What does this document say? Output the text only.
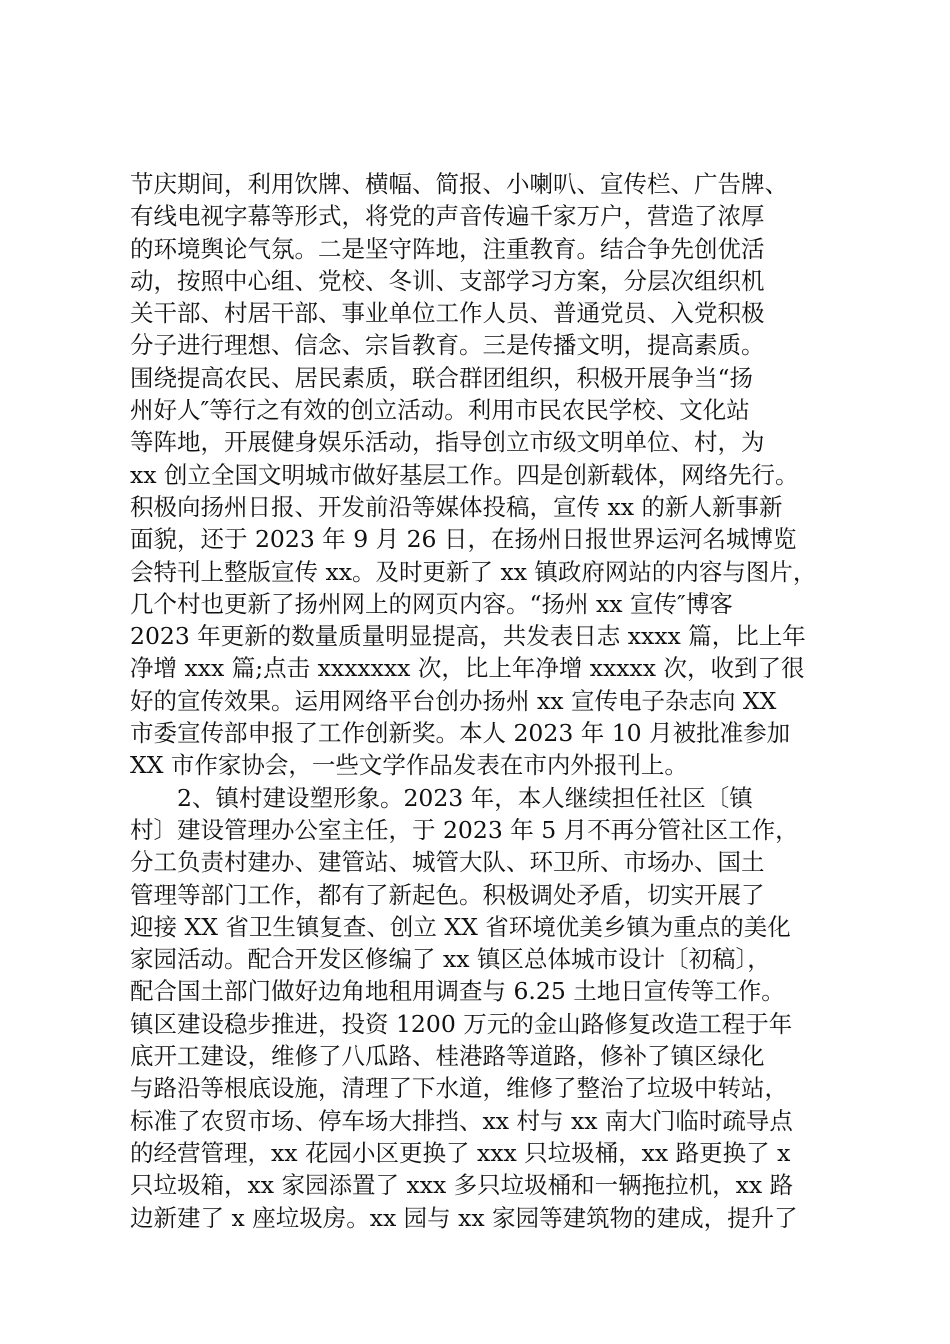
节庆期间，利用饮牌、横幅、简报、小喇叭、宣传栏、广告牌、
有线电视字幕等形式，将党的声音传遍千家万户，营造了浓厚
的环境舆论气氛。二是坚守阵地，注重教育。结合争先创优活
动，按照中心组、党校、冬训、支部学习方案，分层次组织机
关干部、村居干部、事业单位工作人员、普通党员、入党积极
分子进行理想、信念、宗旨教育。三是传播文明，提高素质。
围绕提高农民、居民素质，联合群团组织，积极开展争当“扬
州好人″等行之有效的创立活动。利用市民农民学校、文化站
等阵地，开展健身娱乐活动，指导创立市级文明单位、村，为
xx 创立全国文明城市做好基层工作。四是创新载体，网络先行。
积极向扬州日报、开发前沿等媒体投稿，宣传 xx 的新人新事新
面貌，还于 2023 年 9 月 26 日，在扬州日报世界运河名城博览
会特刊上整版宣传 xx。及时更新了 xx 镇政府网站的内容与图片，
几个村也更新了扬州网上的网页内容。“扬州 xx 宣传″博客
2023 年更新的数量质量明显提高，共发表日志 xxxx 篇，比上年
净增 xxx 篇;点击 xxxxxxx 次，比上年净增 xxxxx 次，收到了很
好的宣传效果。运用网络平台创办扬州 xx 宣传电子杂志向 XX
市委宣传部申报了工作创新奖。本人 2023 年 10 月被批准参加
XX 市作家协会，一些文学作品发表在市内外报刊上。
　　2、镇村建设塑形象。2023 年，本人继续担任社区〔镇
村〕建设管理办公室主任，于 2023 年 5 月不再分管社区工作，
分工负责村建办、建管站、城管大队、环卫所、市场办、国土
管理等部门工作，都有了新起色。积极调处矛盾，切实开展了
迎接 XX 省卫生镇复查、创立 XX 省环境优美乡镇为重点的美化
家园活动。配合开发区修编了 xx 镇区总体城市设计〔初稿〕，
配合国土部门做好边角地租用调查与 6.25 土地日宣传等工作。
镇区建设稳步推进，投资 1200 万元的金山路修复改造工程于年
底开工建设，维修了八瓜路、桂港路等道路，修补了镇区绿化
与路沿等根底设施，清理了下水道，维修了整治了垃圾中转站，
标准了农贸市场、停车场大排挡、xx 村与 xx 南大门临时疏导点
的经营管理，xx 花园小区更换了 xxx 只垃圾桶，xx 路更换了 x
只垃圾箱，xx 家园添置了 xxx 多只垃圾桶和一辆拖拉机，xx 路
边新建了 x 座垃圾房。xx 园与 xx 家园等建筑物的建成，提升了
